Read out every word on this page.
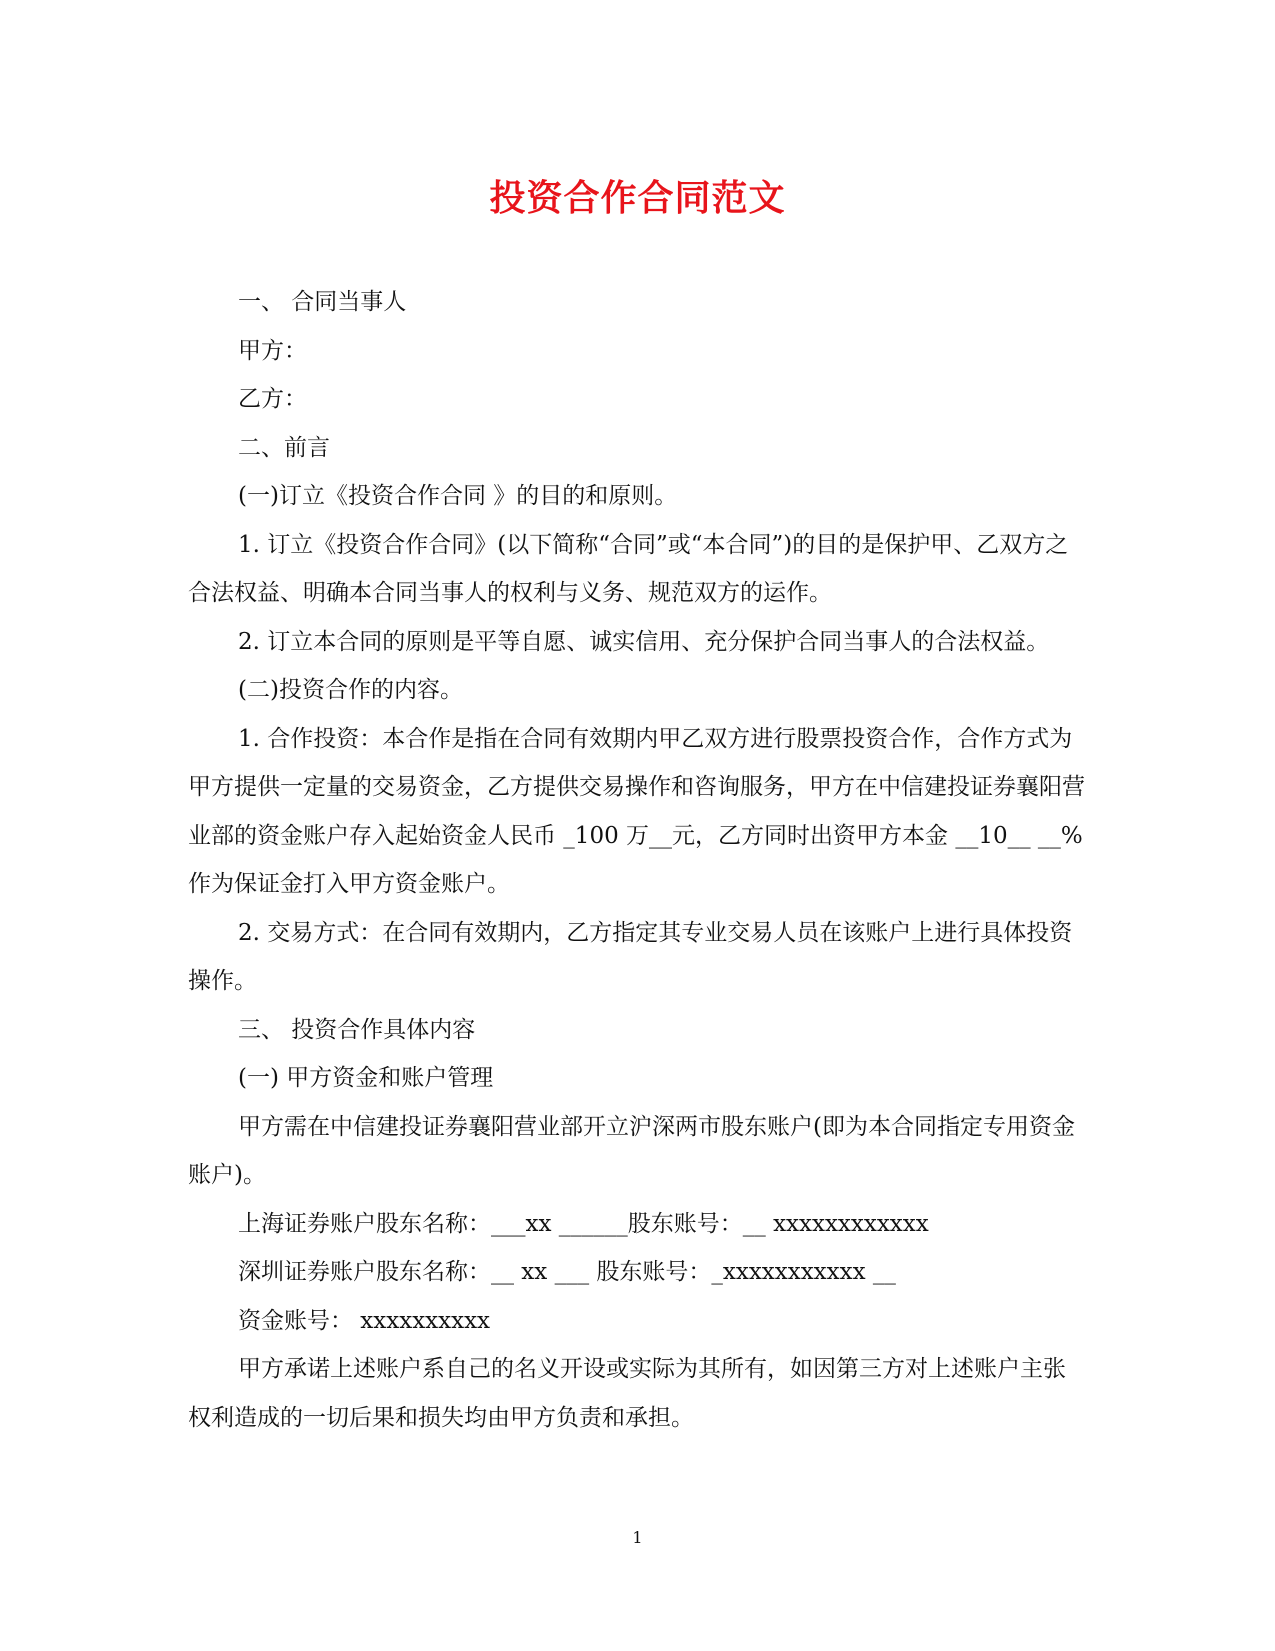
投资合作合同范文

一、 合同当事人

甲方：

乙方：

二、前言

(一)订立《投资合作合同 》的目的和原则。

1. 订立《投资合作合同》(以下简称“合同”或“本合同”)的目的是保护甲、乙双方之合法权益、明确本合同当事人的权利与义务、规范双方的运作。

2. 订立本合同的原则是平等自愿、诚实信用、充分保护合同当事人的合法权益。

(二)投资合作的内容。

1. 合作投资：本合作是指在合同有效期内甲乙双方进行股票投资合作，合作方式为甲方提供一定量的交易资金，乙方提供交易操作和咨询服务，甲方在中信建投证券襄阳营业部的资金账户存入起始资金人民币 _100 万__元，乙方同时出资甲方本金 __10__ __% 作为保证金打入甲方资金账户。

2. 交易方式：在合同有效期内，乙方指定其专业交易人员在该账户上进行具体投资操作。

三、 投资合作具体内容

(一) 甲方资金和账户管理

甲方需在中信建投证券襄阳营业部开立沪深两市股东账户(即为本合同指定专用资金账户)。

上海证券账户股东名称：___xx ______股东账号：__ xxxxxxxxxxxx

深圳证券账户股东名称：__ xx ___ 股东账号：_xxxxxxxxxxx __

资金账号： xxxxxxxxxx

甲方承诺上述账户系自己的名义开设或实际为其所有，如因第三方对上述账户主张权利造成的一切后果和损失均由甲方负责和承担。

1
